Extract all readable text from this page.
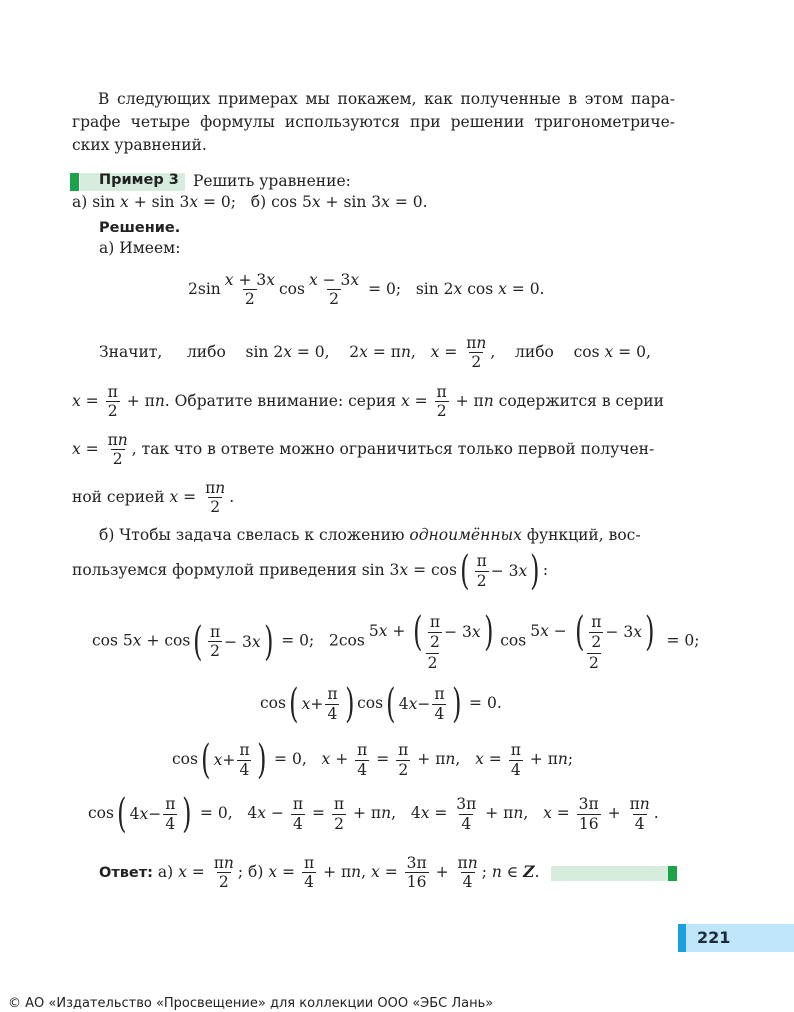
В следующих примерах мы покажем, как полученные в этом пара-
графе четыре формулы используются при решении тригонометриче-
ских уравнений.
Пример 3 Решить уравнение:
а) sin x + sin 3x = 0;   б) cos 5x + sin 3x = 0.
Решение.
а) Имеем:
$2\sin \frac{x + 3x}{2}$ $\cos \frac{x - 3x}{2} = 0$;   sin 2x cos x = 0.
Значит, либо    sin 2x = 0,    2x = πn,   $x = \frac{\pi n}{2}$ ,    либо    cos x = 0,
$x = \frac{\pi}{2} + \pi n$. Обратите внимание: серия $x = \frac{\pi}{2} + \pi n$ содержится в серии
$x = \frac{\pi n}{2}$ , так что в ответе можно ограничиться только первой получен-
ной серией $x = \frac{\pi n}{2}$ .
б) Чтобы задача свелась к сложению одноимённых функций, вос-
пользуемся формулой приведения sin 3x = cos ( $\frac{\pi}{2} - 3$ x ) :
cos 5x + cos ( $\frac{\pi}{2} - 3$ x ) = 0;   $2\cos \frac{5x + ( \frac{\pi}{2} - 3 x )}{2}$ $\cos \frac{5x - ( \frac{\pi}{2} - 3 x )}{2} = 0$;
cos ( $x + \frac{\pi}{4}$ ) cos ( 4 $x - \frac{\pi}{4}$ ) = 0.
cos ( $x + \frac{\pi}{4}$ ) = 0,   $x + \frac{\pi}{4} = \frac{\pi}{2} + \pi n$,   $x = \frac{\pi}{4} + \pi n$;
cos ( 4 $x - \frac{\pi}{4}$ ) = 0,   $4x - \frac{\pi}{4} = \frac{\pi}{2} + \pi n$,   $4x = \frac{3\pi}{4} + \pi n$,   $x = \frac{3\pi}{16} + \frac{\pi n}{4}$ .
Ответ: а) $x = \frac{\pi n}{2}$ ; б) $x = \frac{\pi}{4} + \pi n$, $x = \frac{3\pi}{16} + \frac{\pi n}{4}$ ; n ∈ Z.
221
© АО «Издательство «Просвещение» для коллекции ООО «ЭБС Лань»
